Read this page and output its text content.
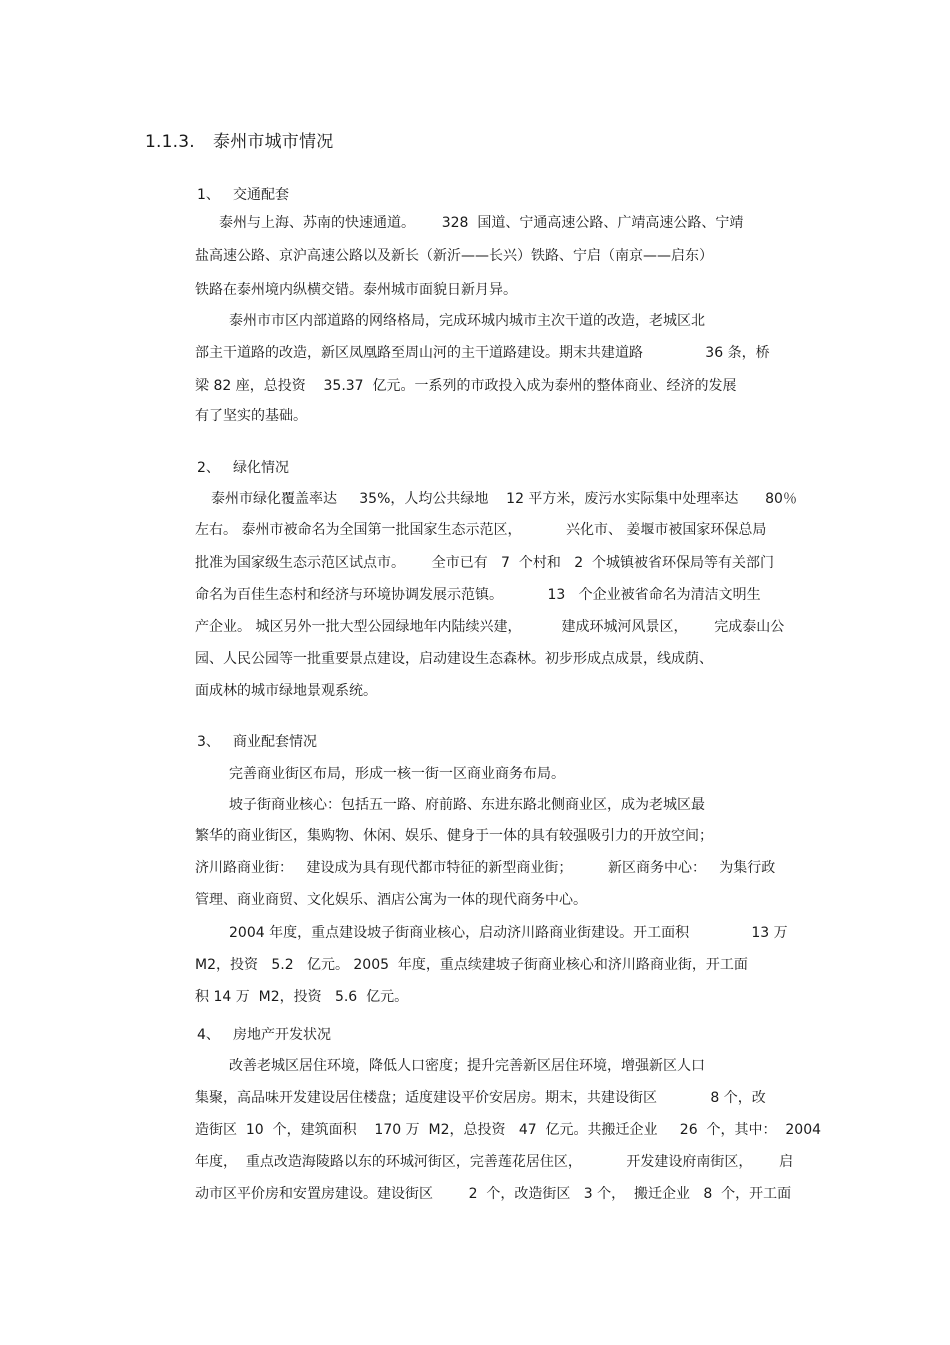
1.1.3. 泰州市城市情况
1、 交通配套
泰州与上海、苏南的快速通道。      328  国道、宁通高速公路、广靖高速公路、宁靖
盐高速公路、京沪高速公路以及新长（新沂——长兴）铁路、宁启（南京——启东）
铁路在泰州境内纵横交错。泰州城市面貌日新月异。
泰州市市区内部道路的网络格局，完成环城内城市主次干道的改造，老城区北
部主干道路的改造，新区凤凰路至周山河的主干道路建设。期末共建道路              36 条，桥
梁 82 座，总投资    35.37  亿元。一系列的市政投入成为泰州的整体商业、经济的发展
有了坚实的基础。
2、 绿化情况
泰州市绿化覆盖率达     35%，人均公共绿地    12 平方米，废污水实际集中处理率达      80％
左右。 泰州市被命名为全国第一批国家生态示范区，          兴化市、 姜堰市被国家环保总局
批准为国家级生态示范区试点市。      全市已有   7  个村和   2  个城镇被省环保局等有关部门
命名为百佳生态村和经济与环境协调发展示范镇。          13   个企业被省命名为清洁文明生
产企业。 城区另外一批大型公园绿地年内陆续兴建，         建成环城河风景区，      完成泰山公
园、人民公园等一批重要景点建设，启动建设生态森林。初步形成点成景，线成荫、
面成林的城市绿地景观系统。
3、 商业配套情况
完善商业街区布局，形成一核一街一区商业商务布局。
坡子街商业核心：包括五一路、府前路、东进东路北侧商业区，成为老城区最
繁华的商业街区，集购物、休闲、娱乐、健身于一体的具有较强吸引力的开放空间；
济川路商业街：   建设成为具有现代都市特征的新型商业街；        新区商务中心：   为集行政
管理、商业商贸、文化娱乐、酒店公寓为一体的现代商务中心。
2004 年度，重点建设坡子街商业核心，启动济川路商业街建设。开工面积              13 万
M2，投资   5.2   亿元。 2005  年度，重点续建坡子街商业核心和济川路商业街，开工面
积 14 万  M2，投资   5.6  亿元。
4、 房地产开发状况
改善老城区居住环境，降低人口密度；提升完善新区居住环境，增强新区人口
集聚，高品味开发建设居住楼盘；适度建设平价安居房。期末，共建设街区            8 个，改
造街区  10  个，建筑面积    170 万  M2，总投资   47  亿元。共搬迁企业     26  个，其中：  2004
年度，  重点改造海陵路以东的环城河街区，完善莲花居住区，          开发建设府南街区，      启
动市区平价房和安置房建设。建设街区        2  个，改造街区   3 个，  搬迁企业   8  个，开工面
